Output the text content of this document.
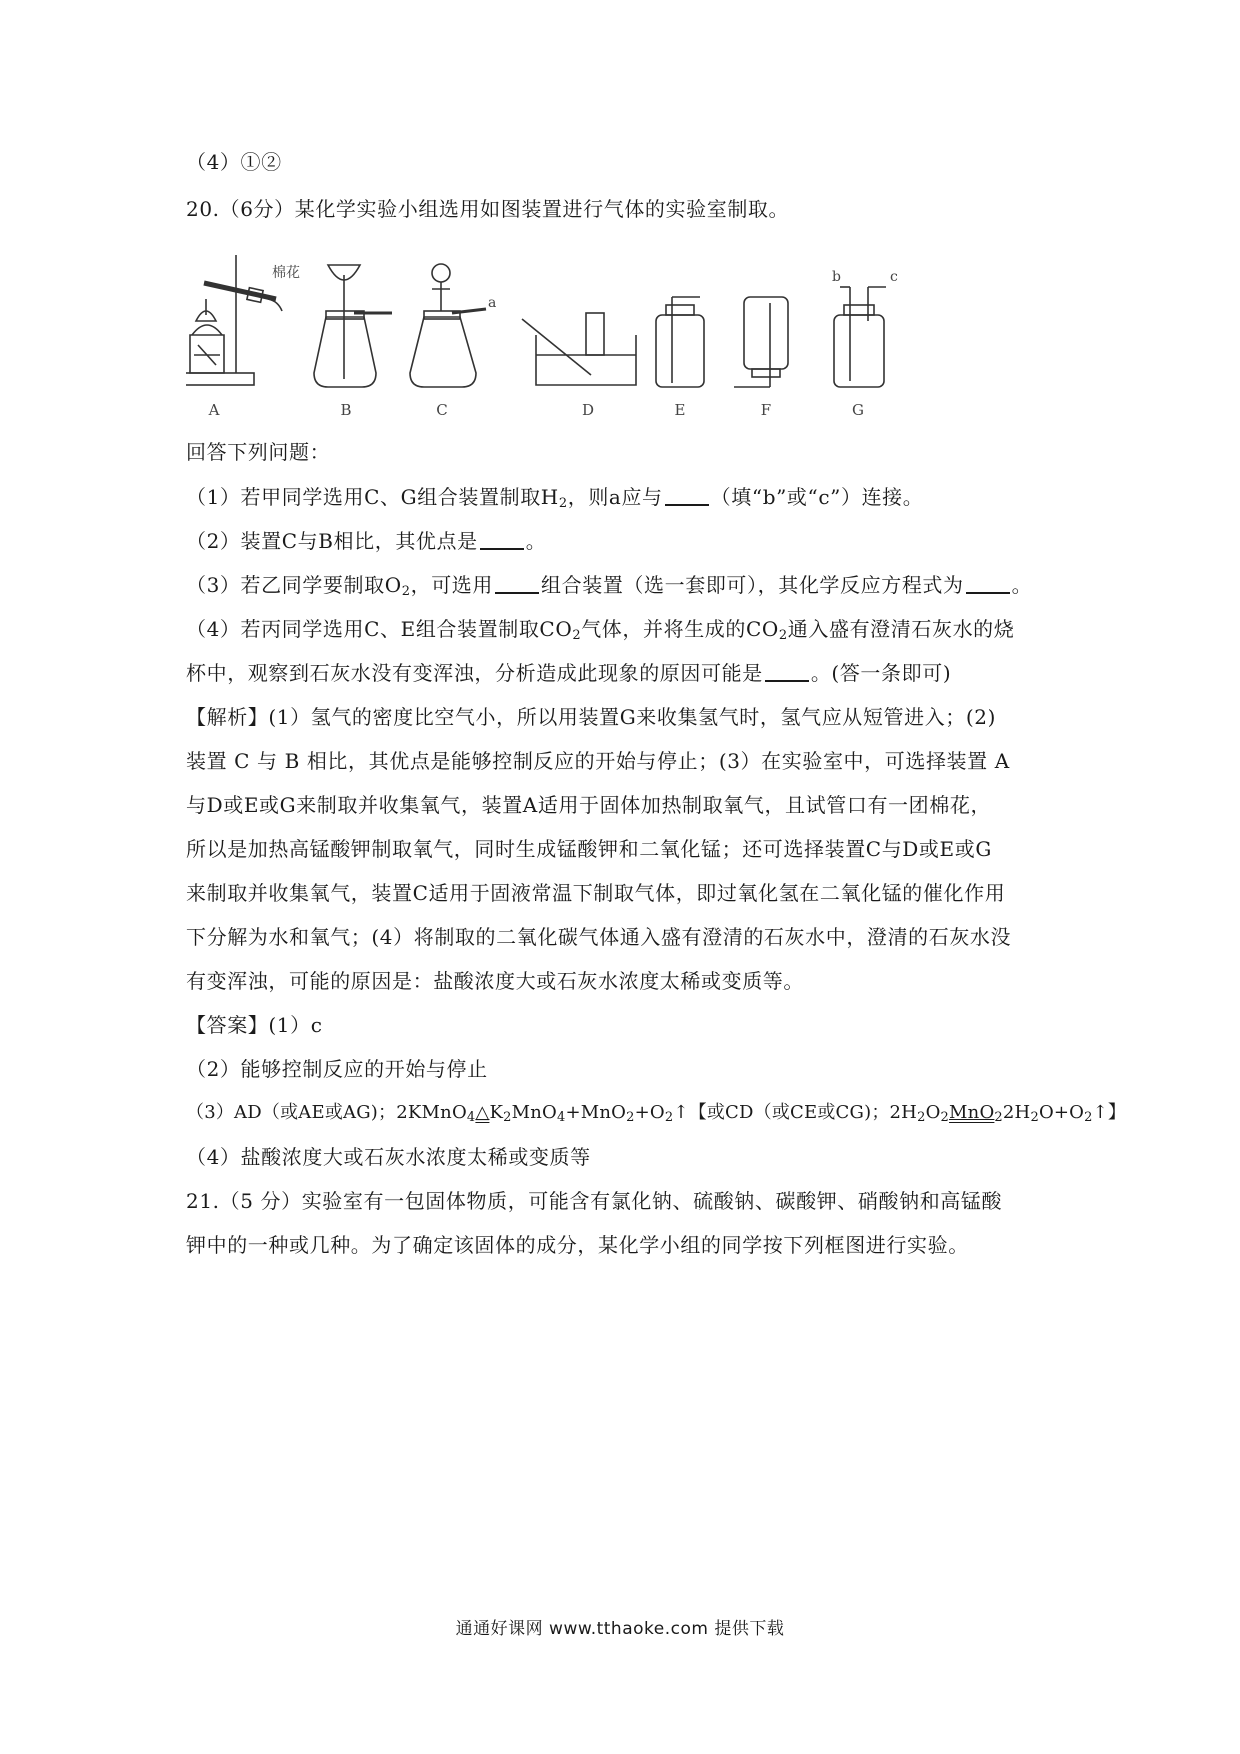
（4）①②
20.（6分）某化学实验小组选用如图装置进行气体的实验室制取。
棉花
a
b	c
A	B	C	D	E	F	G
回答下列问题：
（1）若甲同学选用C、G组合装置制取$H_2$，则a应与 （填“b”或“c”）连接。
（2）装置C与B相比，其优点是 。
（3）若乙同学要制取$O_2$，可选用 组合装置（选一套即可），其化学反应方程式为 。
（4）若丙同学选用C、E组合装置制取$CO_2$气体，并将生成的$CO_2$通入盛有澄清石灰水的烧
杯中，观察到石灰水没有变浑浊，分析造成此现象的原因可能是 。(答一条即可)
【解析】(1）氢气的密度比空气小，所以用装置G来收集氢气时，氢气应从短管进入；(2)
装置 C 与 B 相比，其优点是能够控制反应的开始与停止；(3）在实验室中，可选择装置 A
与D或E或G来制取并收集氧气，装置A适用于固体加热制取氧气，且试管口有一团棉花，
所以是加热高锰酸钾制取氧气，同时生成锰酸钾和二氧化锰；还可选择装置C与D或E或G
来制取并收集氧气，装置C适用于固液常温下制取气体，即过氧化氢在二氧化锰的催化作用
下分解为水和氧气；(4）将制取的二氧化碳气体通入盛有澄清的石灰水中，澄清的石灰水没
有变浑浊，可能的原因是：盐酸浓度大或石灰水浓度太稀或变质等。
【答案】(1）c
（2）能够控制反应的开始与停止
（3）AD（或AE或AG)；$2KMnO_4\triangle K_2MnO_4+MnO_2+O_2↑$【或CD（或CE或CG)；$2H_2O_2MnO_22H_2O+O_2↑$】
（4）盐酸浓度大或石灰水浓度太稀或变质等
21.（5 分）实验室有一包固体物质，可能含有氯化钠、硫酸钠、碳酸钾、硝酸钠和高锰酸
钾中的一种或几种。为了确定该固体的成分，某化学小组的同学按下列框图进行实验。
通通好课网 www.tthaoke.com 提供下载
